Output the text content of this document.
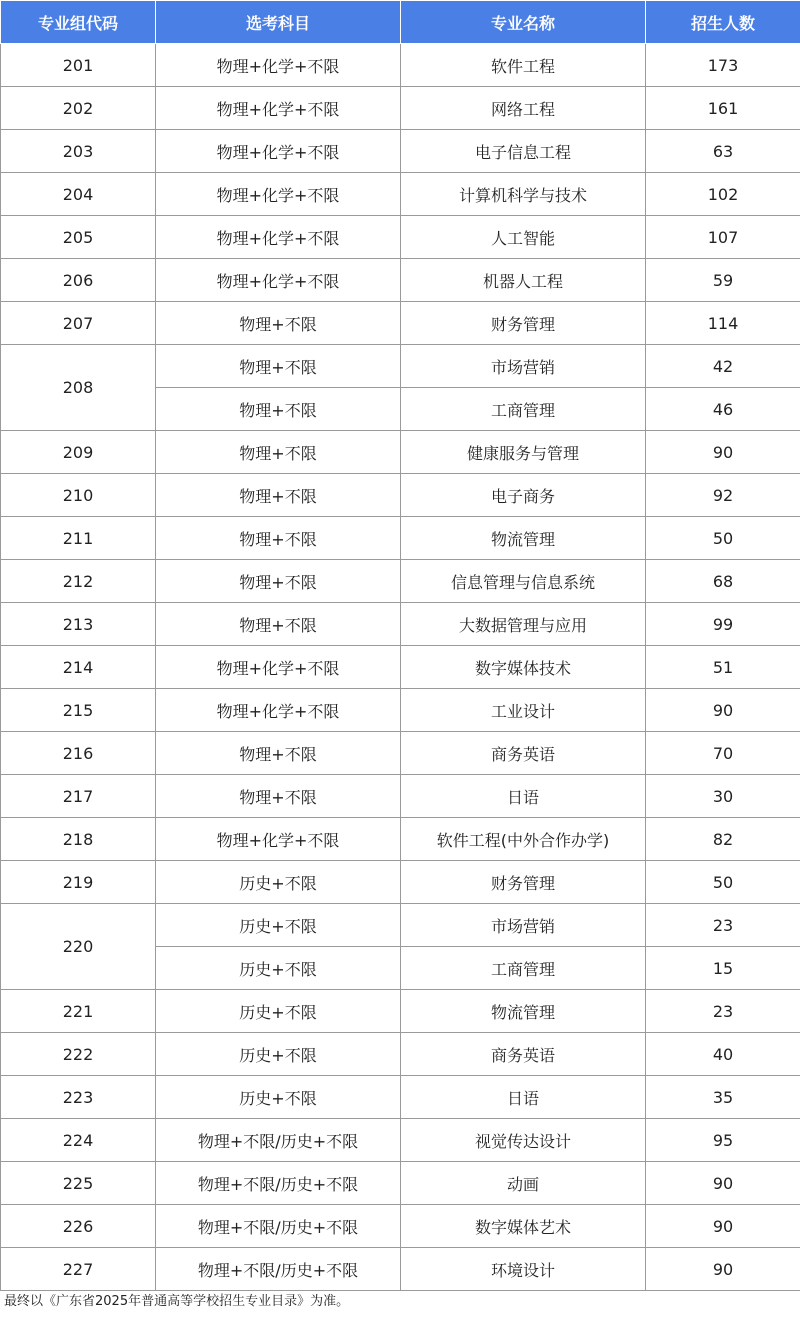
专业组代码	选考科目	专业名称	招生人数
201	物理+化学+不限	软件工程	173
202	物理+化学+不限	网络工程	161
203	物理+化学+不限	电子信息工程	63
204	物理+化学+不限	计算机科学与技术	102
205	物理+化学+不限	人工智能	107
206	物理+化学+不限	机器人工程	59
207	物理+不限	财务管理	114
208	物理+不限	市场营销	42
	物理+不限	工商管理	46
209	物理+不限	健康服务与管理	90
210	物理+不限	电子商务	92
211	物理+不限	物流管理	50
212	物理+不限	信息管理与信息系统	68
213	物理+不限	大数据管理与应用	99
214	物理+化学+不限	数字媒体技术	51
215	物理+化学+不限	工业设计	90
216	物理+不限	商务英语	70
217	物理+不限	日语	30
218	物理+化学+不限	软件工程(中外合作办学)	82
219	历史+不限	财务管理	50
220	历史+不限	市场营销	23
	历史+不限	工商管理	15
221	历史+不限	物流管理	23
222	历史+不限	商务英语	40
223	历史+不限	日语	35
224	物理+不限/历史+不限	视觉传达设计	95
225	物理+不限/历史+不限	动画	90
226	物理+不限/历史+不限	数字媒体艺术	90
227	物理+不限/历史+不限	环境设计	90
最终以《广东省2025年普通高等学校招生专业目录》为准。
